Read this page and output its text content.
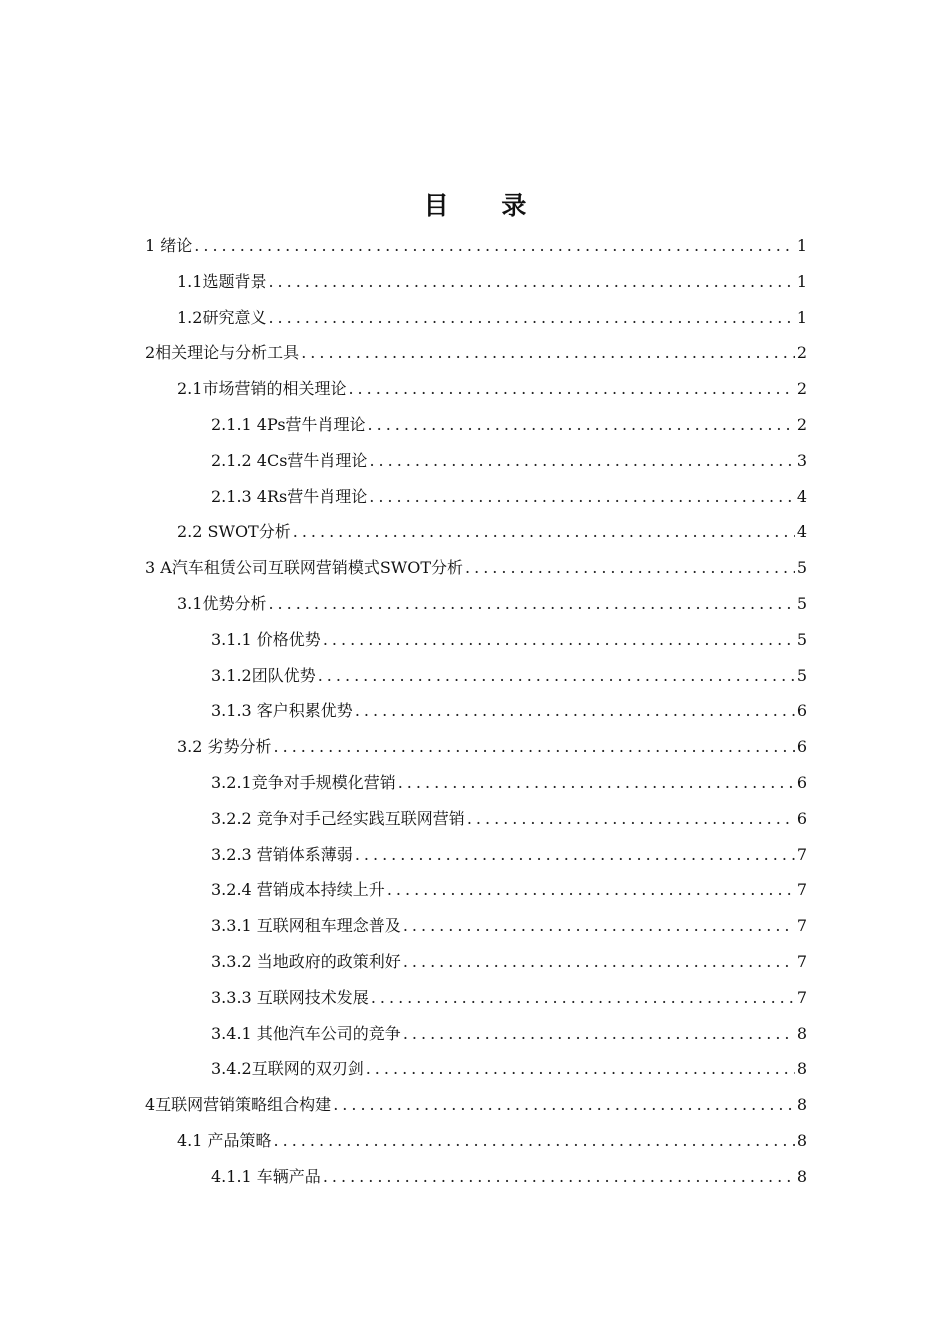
目 录
1 绪论 .....	1
1.1选题背景 .....	1
1.2研究意义 .....	1
2相关理论与分析工具 .....	2
2.1市场营销的相关理论 .....	2
2.1.1 4Ps营牛肖理论 .....	2
2.1.2 4Cs营牛肖理论 .....	3
2.1.3 4Rs营牛肖理论 .....	4
2.2 SWOT分析 .....	4
3 A汽车租赁公司互联网营销模式SWOT分析 .....	5
3.1优势分析 .....	5
3.1.1 价格优势 .....	5
3.1.2团队优势 .....	5
3.1.3 客户积累优势 .....	6
3.2 劣势分析 .....	6
3.2.1竞争对手规模化营销 .....	6
3.2.2 竞争对手己经实践互联网营销 .....	6
3.2.3 营销体系薄弱 .....	7
3.2.4 营销成本持续上升 .....	7
3.3.1 互联网租车理念普及 .....	7
3.3.2 当地政府的政策利好 .....	7
3.3.3 互联网技术发展 .....	7
3.4.1 其他汽车公司的竞争 .....	8
3.4.2互联网的双刃剑 .....	8
4互联网营销策略组合构建 .....	8
4.1 产品策略 .....	8
4.1.1 车辆产品 .....	8
